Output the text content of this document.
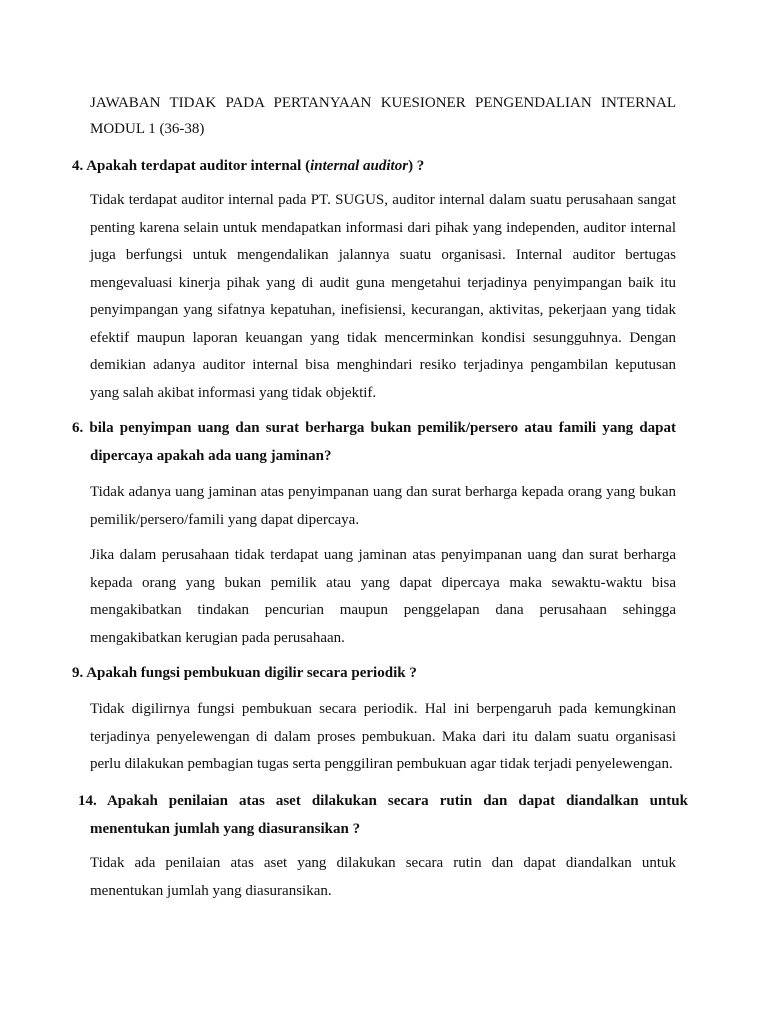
JAWABAN TIDAK PADA PERTANYAAN KUESIONER PENGENDALIAN INTERNAL
MODUL 1 (36-38)
4. Apakah terdapat auditor internal (internal auditor) ?
Tidak terdapat auditor internal pada PT. SUGUS, auditor internal dalam suatu perusahaan sangat penting karena selain untuk mendapatkan informasi dari pihak yang independen, auditor internal juga berfungsi untuk mengendalikan jalannya suatu organisasi. Internal auditor bertugas mengevaluasi kinerja pihak yang di audit guna mengetahui terjadinya penyimpangan baik itu penyimpangan yang sifatnya kepatuhan, inefisiensi, kecurangan, aktivitas, pekerjaan yang tidak efektif maupun laporan keuangan yang tidak mencerminkan kondisi sesungguhnya. Dengan demikian adanya auditor internal bisa menghindari resiko terjadinya pengambilan keputusan yang salah akibat informasi yang tidak objektif.
6. bila penyimpan uang dan surat berharga bukan pemilik/persero atau famili yang dapat dipercaya apakah ada uang jaminan?
Tidak adanya uang jaminan atas penyimpanan uang dan surat berharga kepada orang yang bukan pemilik/persero/famili yang dapat dipercaya.
Jika dalam perusahaan tidak terdapat uang jaminan atas penyimpanan uang dan surat berharga kepada orang yang bukan pemilik atau yang dapat dipercaya maka sewaktu-waktu bisa mengakibatkan tindakan pencurian maupun penggelapan dana perusahaan sehingga mengakibatkan kerugian pada perusahaan.
9. Apakah fungsi pembukuan digilir secara periodik ?
Tidak digilirnya fungsi pembukuan secara periodik. Hal ini berpengaruh pada kemungkinan terjadinya penyelewengan di dalam proses pembukuan. Maka dari itu dalam suatu organisasi perlu dilakukan pembagian tugas serta penggiliran pembukuan agar tidak terjadi penyelewengan.
14. Apakah penilaian atas aset dilakukan secara rutin dan dapat diandalkan untuk menentukan jumlah yang diasuransikan ?
Tidak ada penilaian atas aset yang dilakukan secara rutin dan dapat diandalkan untuk menentukan jumlah yang diasuransikan.
